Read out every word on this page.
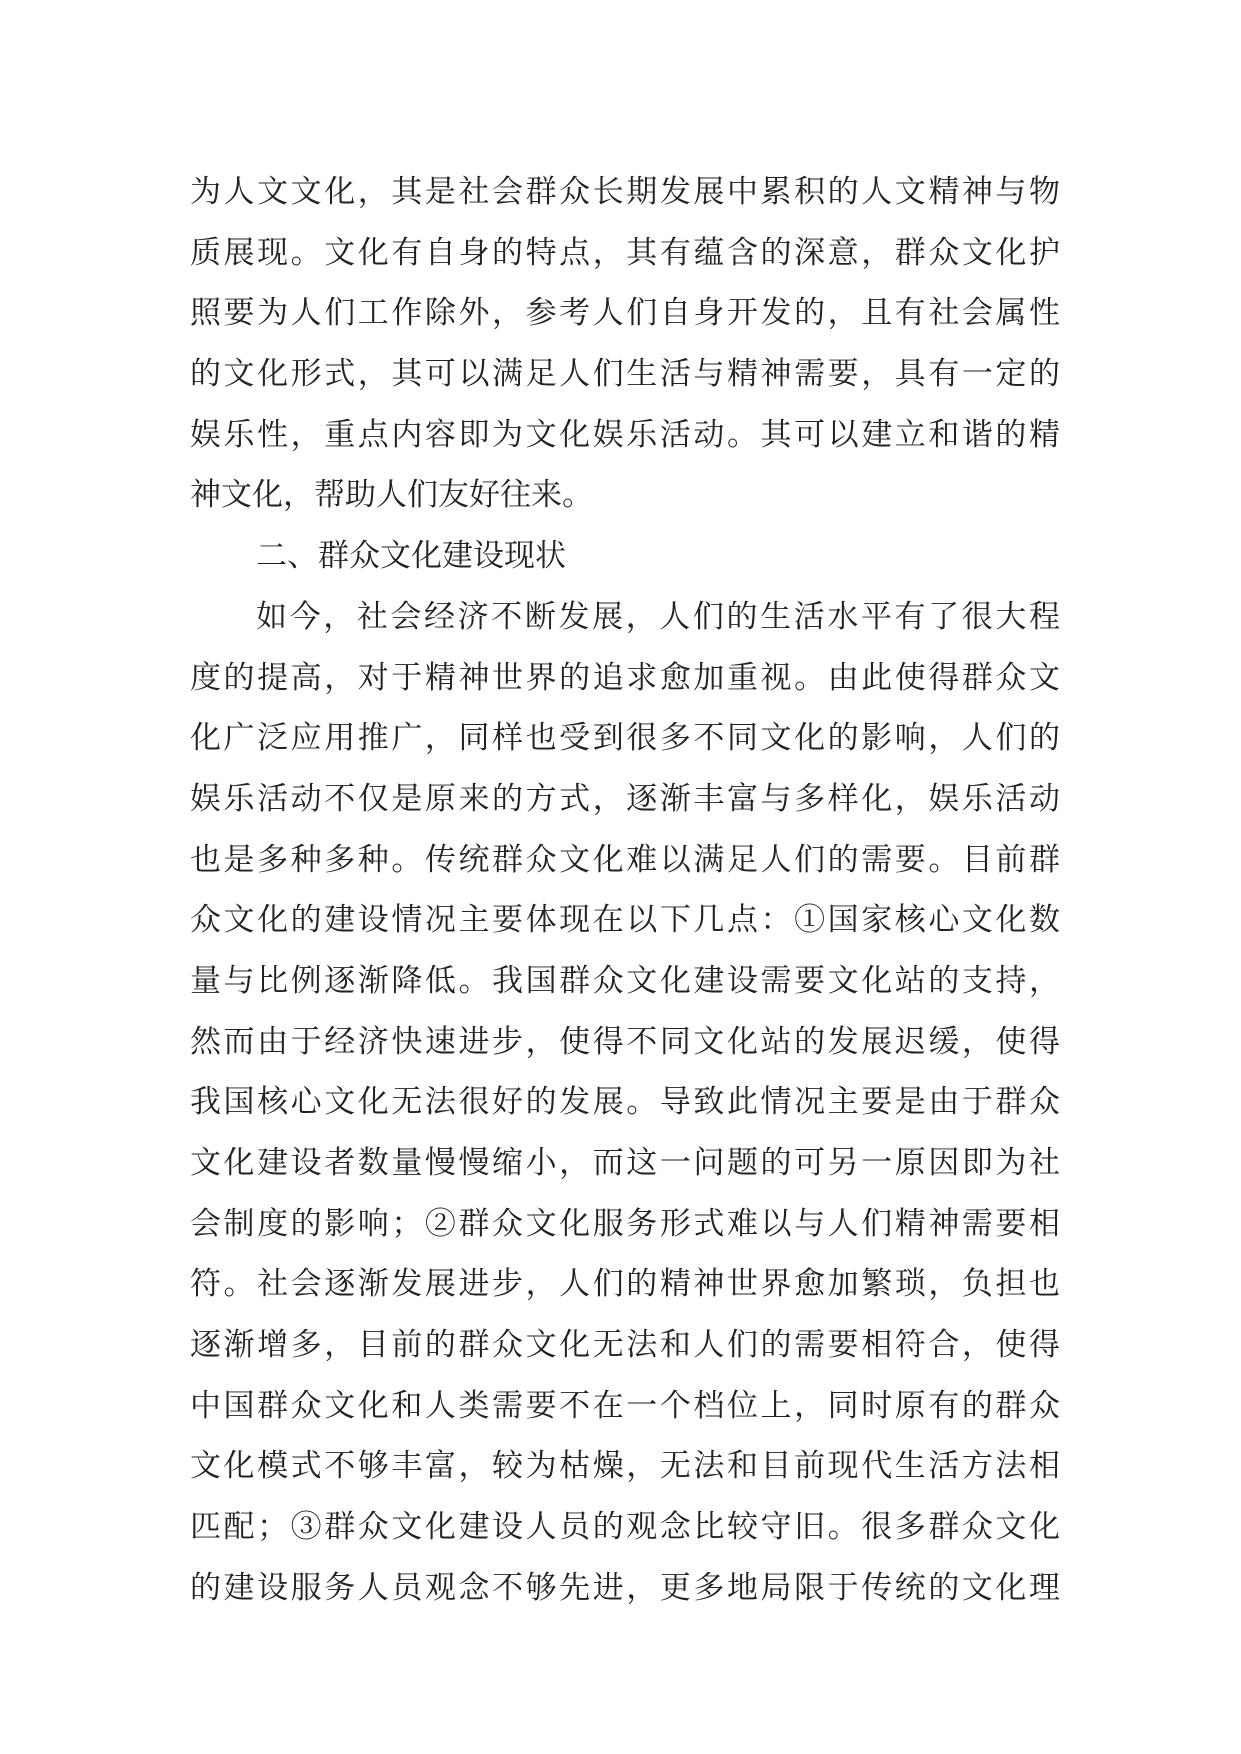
为人文文化，其是社会群众长期发展中累积的人文精神与物
质展现。文化有自身的特点，其有蕴含的深意，群众文化护
照要为人们工作除外，参考人们自身开发的，且有社会属性
的文化形式，其可以满足人们生活与精神需要，具有一定的
娱乐性，重点内容即为文化娱乐活动。其可以建立和谐的精
神文化，帮助人们友好往来。
二、群众文化建设现状
如今，社会经济不断发展，人们的生活水平有了很大程
度的提高，对于精神世界的追求愈加重视。由此使得群众文
化广泛应用推广，同样也受到很多不同文化的影响，人们的
娱乐活动不仅是原来的方式，逐渐丰富与多样化，娱乐活动
也是多种多种。传统群众文化难以满足人们的需要。目前群
众文化的建设情况主要体现在以下几点：①国家核心文化数
量与比例逐渐降低。我国群众文化建设需要文化站的支持，
然而由于经济快速进步，使得不同文化站的发展迟缓，使得
我国核心文化无法很好的发展。导致此情况主要是由于群众
文化建设者数量慢慢缩小，而这一问题的可另一原因即为社
会制度的影响；②群众文化服务形式难以与人们精神需要相
符。社会逐渐发展进步，人们的精神世界愈加繁琐，负担也
逐渐增多，目前的群众文化无法和人们的需要相符合，使得
中国群众文化和人类需要不在一个档位上，同时原有的群众
文化模式不够丰富，较为枯燥，无法和目前现代生活方法相
匹配；③群众文化建设人员的观念比较守旧。很多群众文化
的建设服务人员观念不够先进，更多地局限于传统的文化理
